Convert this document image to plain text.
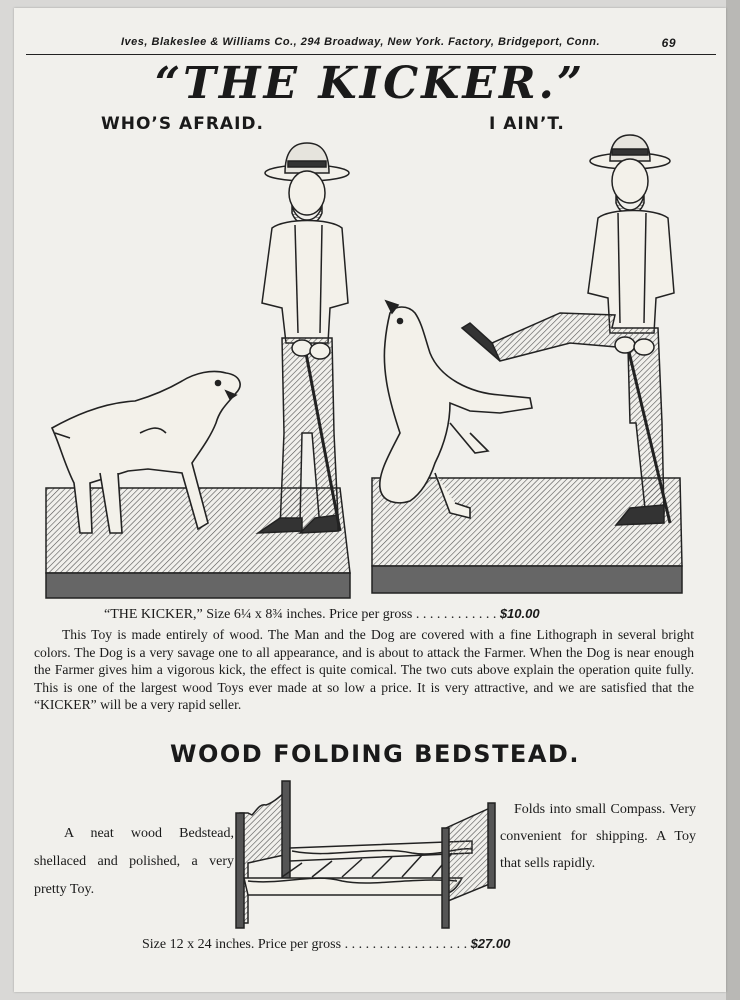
Ives, Blakeslee & Williams Co., 294 Broadway, New York. Factory, Bridgeport, Conn.	69
“THE KICKER.”
WHO’S AFRAID.	I AIN’T.
“THE KICKER,” Size 6¼ x 8¾ inches. Price per gross . . . . . . . . . . . . $10.00
This Toy is made entirely of wood. The Man and the Dog are covered with a fine Lithograph in several bright colors. The Dog is a very savage one to all appearance, and is about to attack the Farmer. When the Dog is near enough the Farmer gives him a vigorous kick, the effect is quite comical. The two cuts above explain the operation quite fully. This is one of the largest wood Toys ever made at so low a price. It is very attractive, and we are satisfied that the “KICKER” will be a very rapid seller.
WOOD FOLDING BEDSTEAD.
A neat wood Bedstead, shellaced and polished, a very pretty Toy.
Folds into small Compass. Very convenient for shipping. A Toy that sells rapidly.
Size 12 x 24 inches. Price per gross . . . . . . . . . . . . . . . . . . $27.00
